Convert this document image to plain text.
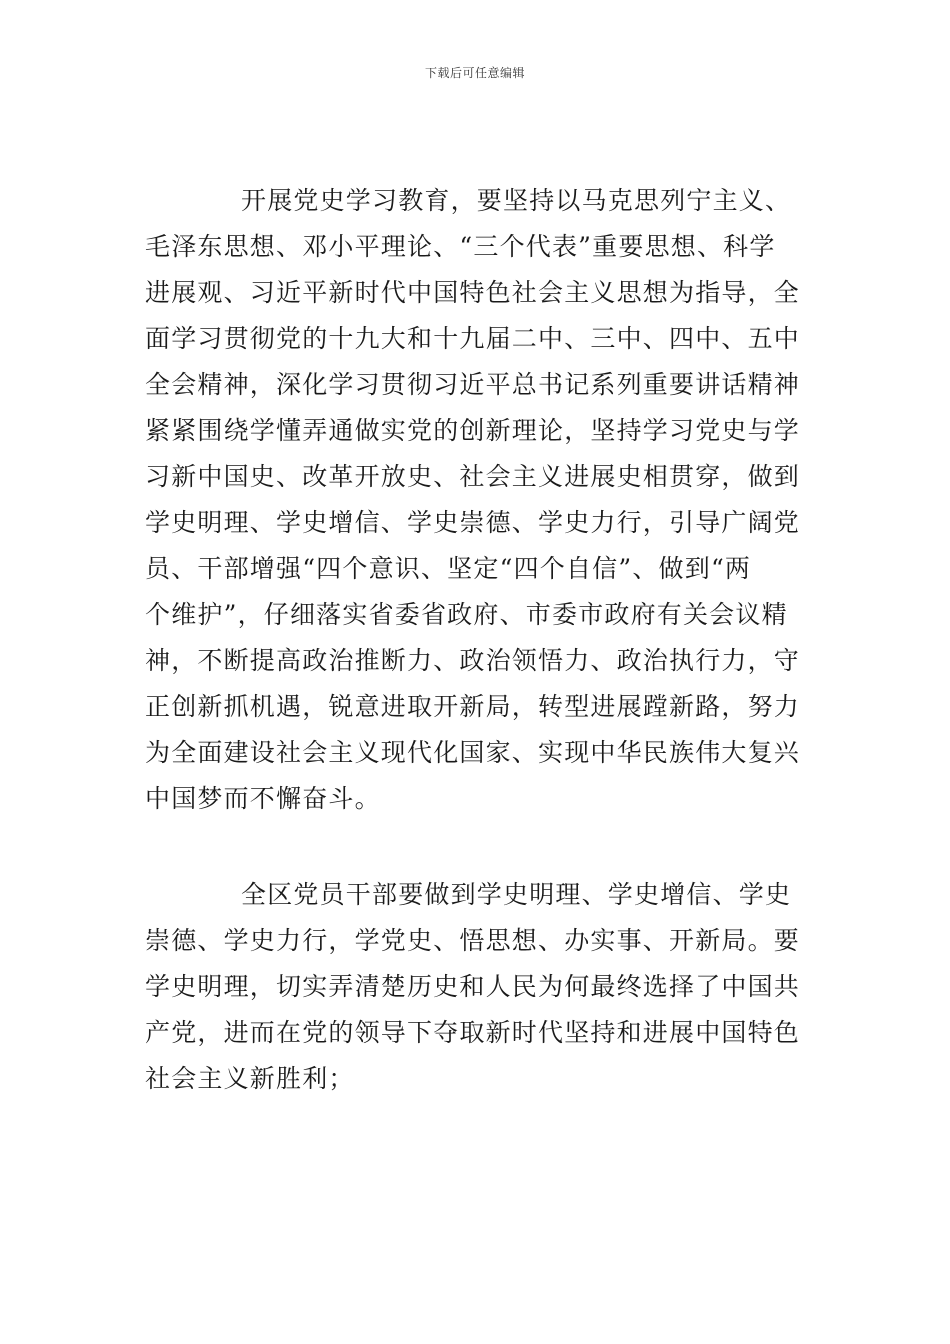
下载后可任意编辑
开展党史学习教育，要坚持以马克思列宁主义、
毛泽东思想、邓小平理论、“三个代表”重要思想、科学
进展观、习近平新时代中国特色社会主义思想为指导，全
面学习贯彻党的十九大和十九届二中、三中、四中、五中
全会精神，深化学习贯彻习近平总书记系列重要讲话精神
紧紧围绕学懂弄通做实党的创新理论，坚持学习党史与学
习新中国史、改革开放史、社会主义进展史相贯穿，做到
学史明理、学史增信、学史崇德、学史力行，引导广阔党
员、干部增强“四个意识、坚定“四个自信”、做到“两
个维护”，仔细落实省委省政府、市委市政府有关会议精
神，不断提高政治推断力、政治领悟力、政治执行力，守
正创新抓机遇，锐意进取开新局，转型进展蹚新路，努力
为全面建设社会主义现代化国家、实现中华民族伟大复兴
中国梦而不懈奋斗。
全区党员干部要做到学史明理、学史增信、学史
崇德、学史力行，学党史、悟思想、办实事、开新局。要
学史明理，切实弄清楚历史和人民为何最终选择了中国共
产党，进而在党的领导下夺取新时代坚持和进展中国特色
社会主义新胜利；
